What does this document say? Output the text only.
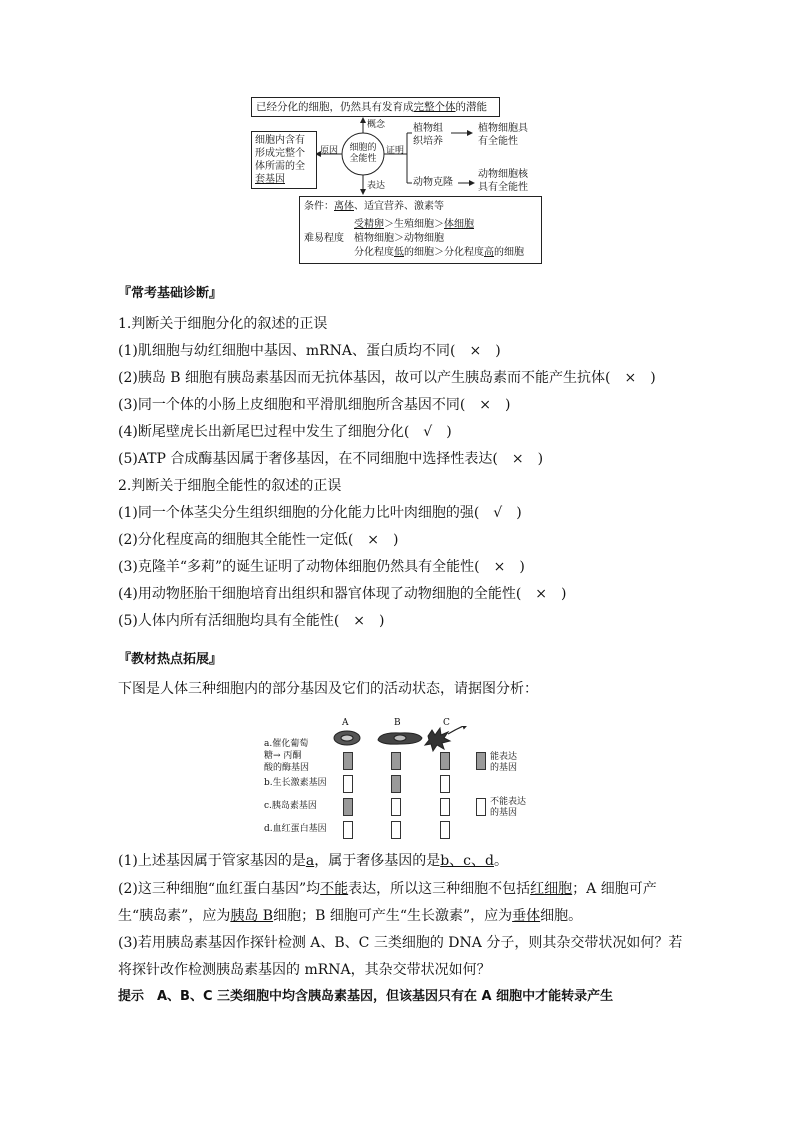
已经分化的细胞，仍然具有发育成完整个体的潜能
细胞内含有
形成完整个
体所需的全
套基因
细胞的
全能性
概念
原因	证明
表达
植物组
织培养
植物细胞具
有全能性
动物克隆
动物细胞核
具有全能性
条件：离体、适宜营养、激素等
难易程度
受精卵＞生殖细胞＞体细胞
植物细胞＞动物细胞
分化程度低的细胞＞分化程度高的细胞
『常考基础诊断』
1.判断关于细胞分化的叙述的正误
(1)肌细胞与幼红细胞中基因、mRNA、蛋白质均不同(　×　)
(2)胰岛 B 细胞有胰岛素基因而无抗体基因，故可以产生胰岛素而不能产生抗体(　×　)
(3)同一个体的小肠上皮细胞和平滑肌细胞所含基因不同(　×　)
(4)断尾壁虎长出新尾巴过程中发生了细胞分化(　√　)
(5)ATP 合成酶基因属于奢侈基因，在不同细胞中选择性表达(　×　)
2.判断关于细胞全能性的叙述的正误
(1)同一个体茎尖分生组织细胞的分化能力比叶肉细胞的强(　√　)
(2)分化程度高的细胞其全能性一定低(　×　)
(3)克隆羊“多莉”的诞生证明了动物体细胞仍然具有全能性(　×　)
(4)用动物胚胎干细胞培育出组织和器官体现了动物细胞的全能性(　×　)
(5)人体内所有活细胞均具有全能性(　×　)
『教材热点拓展』
下图是人体三种细胞内的部分基因及它们的活动状态，请据图分析：
A	B	C
a.催化葡萄
糖→ 丙酮
酸的酶基因
b.生长激素基因
c.胰岛素基因
d.血红蛋白基因
能表达
的基因
不能表达
的基因
(1)上述基因属于管家基因的是a，属于奢侈基因的是b、c、d。
(2)这三种细胞“血红蛋白基因”均不能表达，所以这三种细胞不包括红细胞；A 细胞可产
生“胰岛素”，应为胰岛 B细胞；B 细胞可产生“生长激素”，应为垂体细胞。
(3)若用胰岛素基因作探针检测 A、B、C 三类细胞的 DNA 分子，则其杂交带状况如何？若
将探针改作检测胰岛素基因的 mRNA，其杂交带状况如何？
提示　A、B、C 三类细胞中均含胰岛素基因，但该基因只有在 A 细胞中才能转录产生
